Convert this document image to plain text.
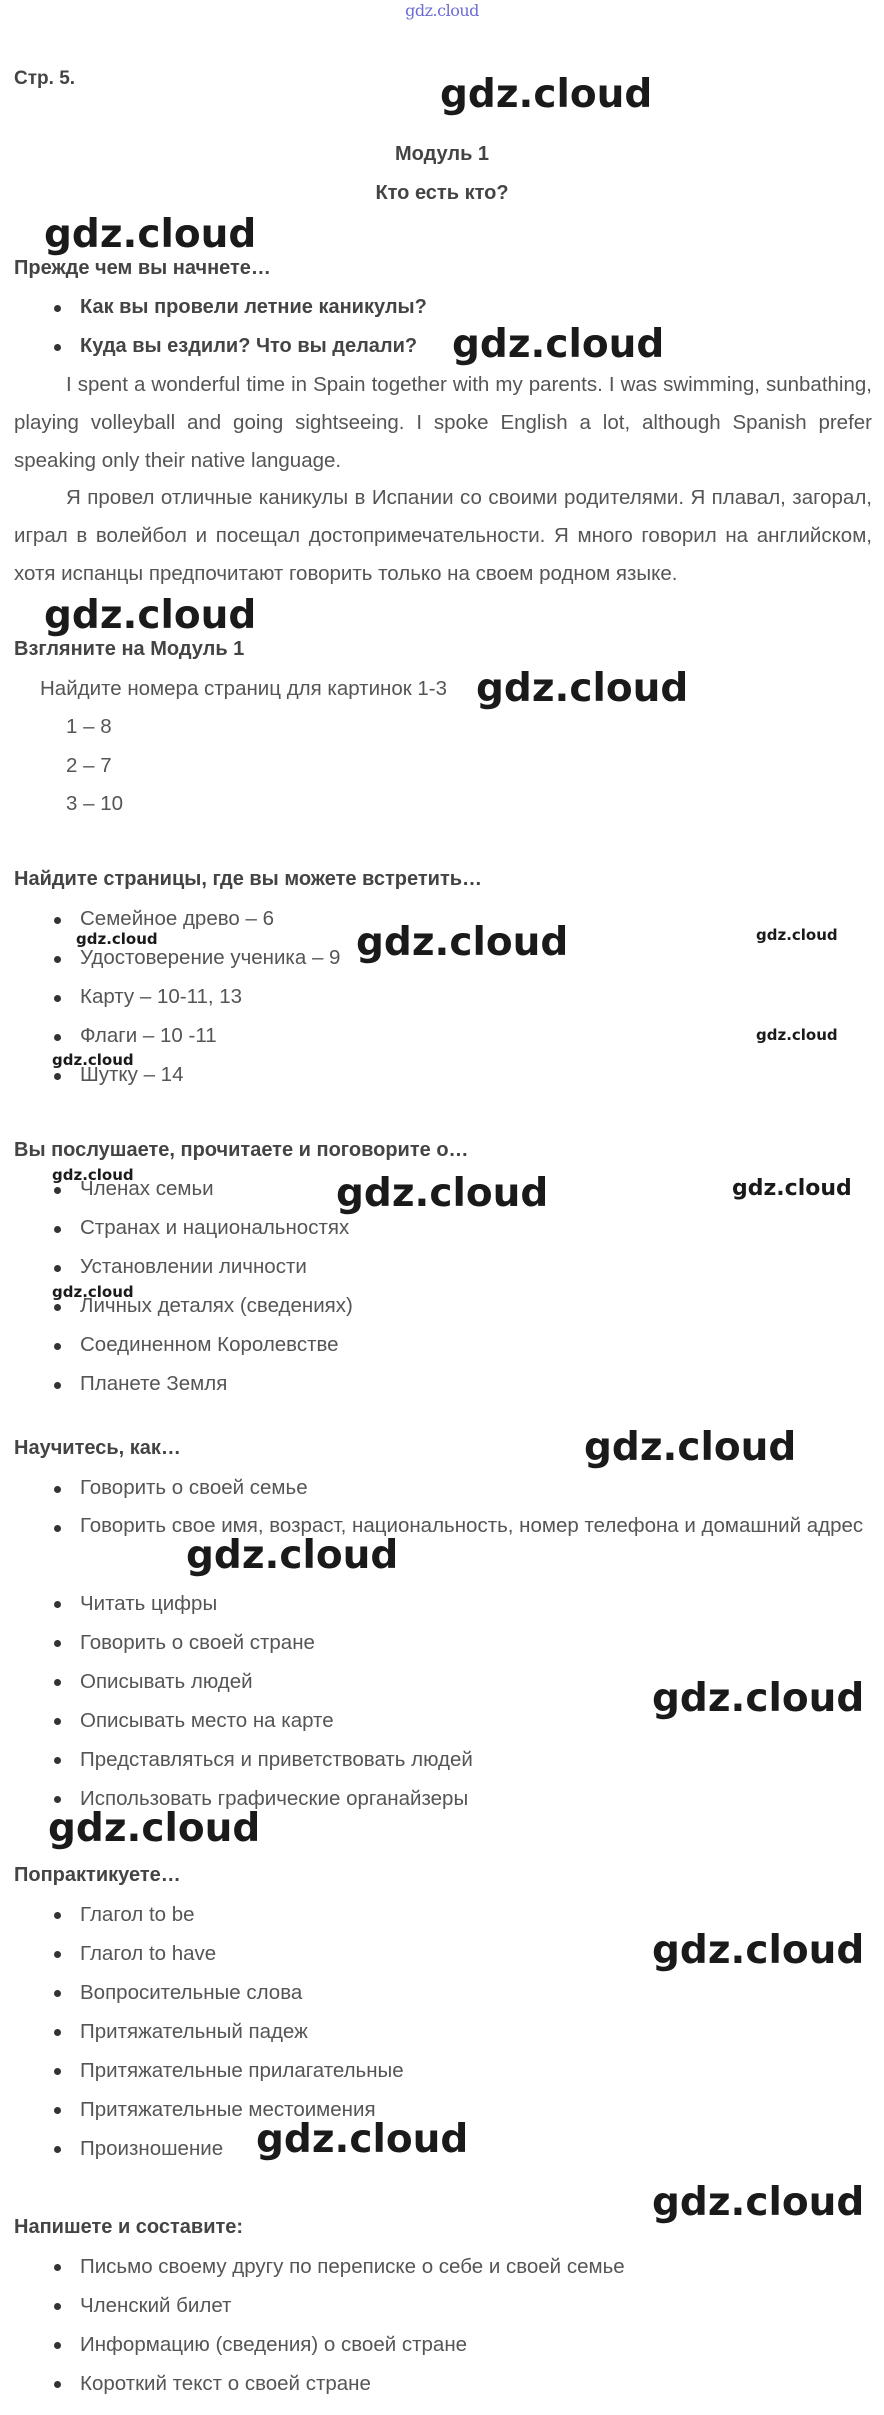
gdz.cloud
Стр. 5.
Модуль 1
Кто есть кто?
Прежде чем вы начнете…
Как вы провели летние каникулы?
Куда вы ездили? Что вы делали?
I spent a wonderful time in Spain together with my parents. I was swimming, sunbathing, playing volleyball and going sightseeing. I spoke English a lot, although Spanish prefer speaking only their native language.
Я провел отличные каникулы в Испании со своими родителями. Я плавал, загорал, играл в волейбол и посещал достопримечательности. Я много говорил на английском, хотя испанцы предпочитают говорить только на своем родном языке.
Взгляните на Модуль 1
Найдите номера страниц для картинок 1-3
1 – 8
2 – 7
3 – 10
Найдите страницы, где вы можете встретить…
Семейное древо – 6
Удостоверение ученика – 9
Карту – 10-11, 13
Флаги – 10 -11
Шутку – 14
Вы послушаете, прочитаете и поговорите о…
Членах семьи
Странах и национальностях
Установлении личности
Личных деталях (сведениях)
Соединенном Королевстве
Планете Земля
Научитесь, как…
Говорить о своей семье
Говорить свое имя, возраст, национальность, номер телефона и домашний адрес
Читать цифры
Говорить о своей стране
Описывать людей
Описывать место на карте
Представляться и приветствовать людей
Использовать графические органайзеры
Попрактикуете…
Глагол to be
Глагол to have
Вопросительные слова
Притяжательный падеж
Притяжательные прилагательные
Притяжательные местоимения
Произношение
Напишете и составите:
Письмо своему другу по переписке о себе и своей семье
Членский билет
Информацию (сведения) о своей стране
Короткий текст о своей стране
gdz.cloud
gdz.cloud
gdz.cloud
gdz.cloud
gdz.cloud
gdz.cloud
gdz.cloud
gdz.cloud
gdz.cloud
gdz.cloud
gdz.cloud
gdz.cloud
gdz.cloud
gdz.cloud
gdz.cloud	gdz.cloud
gdz.cloud
gdz.cloud
gdz.cloud
gdz.cloud
gdz.cloud
